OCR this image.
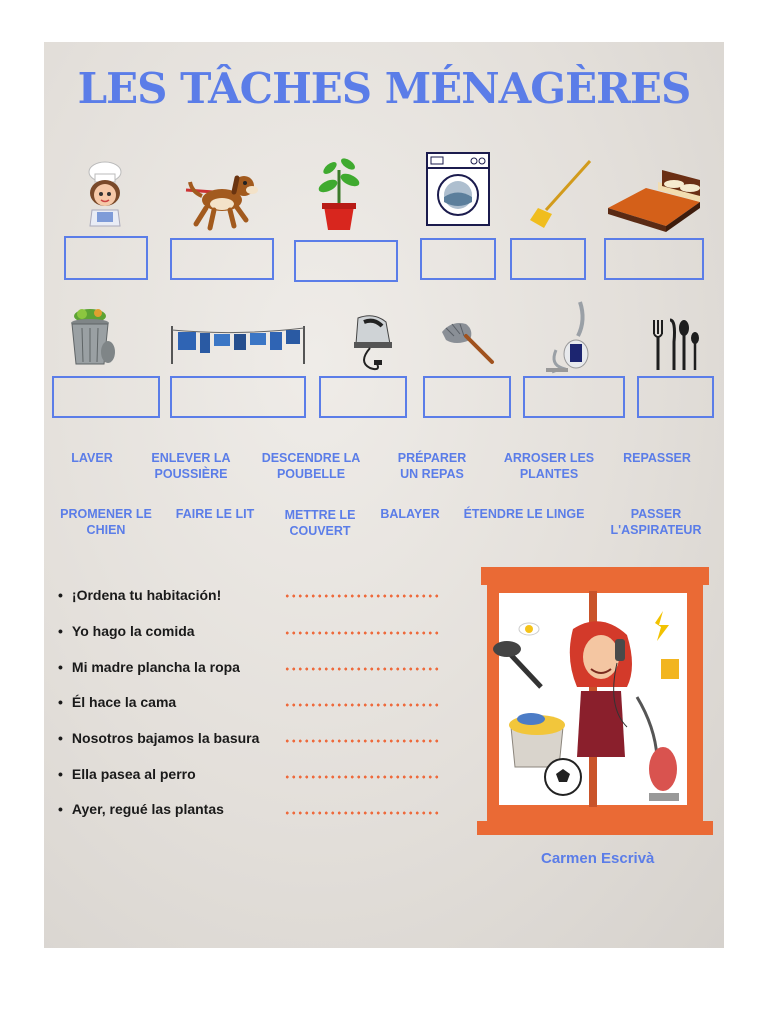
LES TÂCHES MÉNAGÈRES
LAVER	ENLEVER LA
POUSSIÈRE
DESCENDRE LA
POUBELLE
PRÉPARER
UN REPAS
ARROSER LES
PLANTES
REPASSER
PROMENER LE
CHIEN
FAIRE LE LIT	METTRE LE
COUVERT
BALAYER	ÉTENDRE LE LINGE	PASSER
L'ASPIRATEUR
• ¡Ordena tu habitación!
• Yo hago la comida
• Mi madre plancha la ropa
• Él hace la cama
• Nosotros bajamos la basura
• Ella pasea al perro
• Ayer, regué las plantas
Carmen Escrivà
